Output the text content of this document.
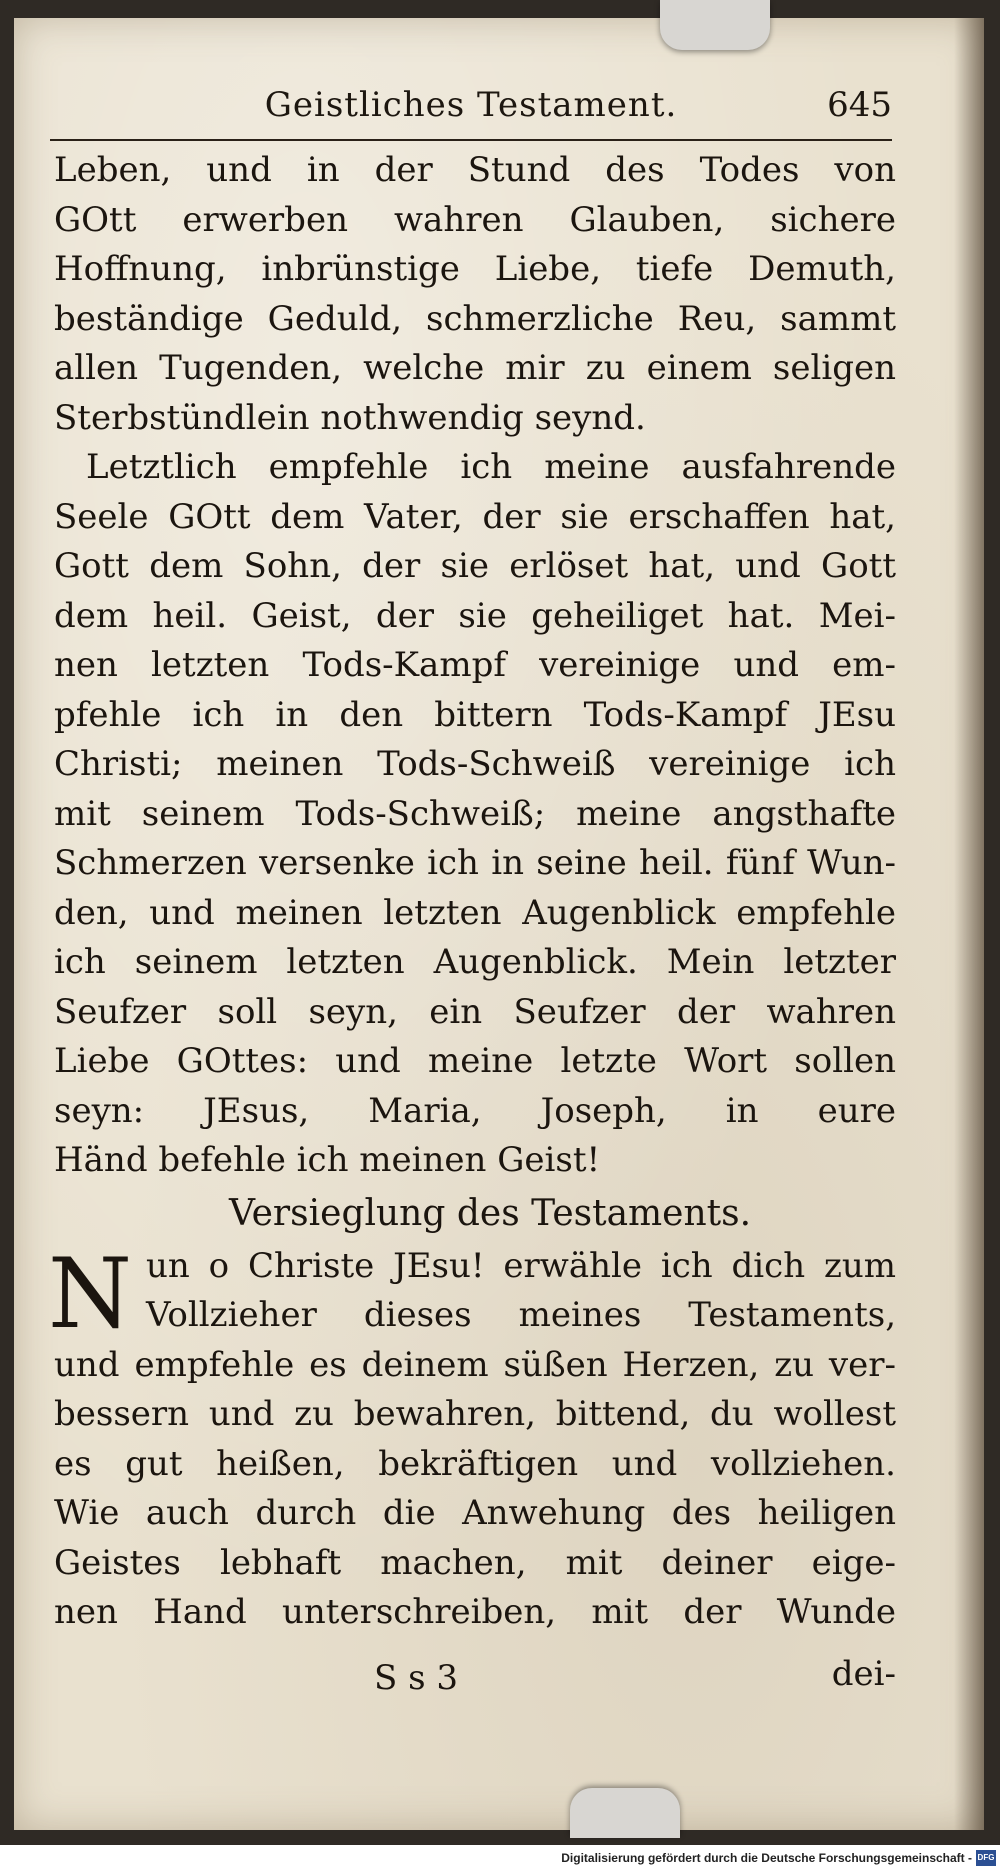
Geistliches Testament.	645
Leben, und in der Stund des Todes von
GOtt erwerben wahren Glauben, sichere
Hoffnung, inbrünstige Liebe, tiefe Demuth,
beständige Geduld, schmerzliche Reu, sammt
allen Tugenden, welche mir zu einem seligen
Sterbstündlein nothwendig seynd.
Letztlich empfehle ich meine ausfahrende
Seele GOtt dem Vater, der sie erschaffen hat,
Gott dem Sohn, der sie erlöset hat, und Gott
dem heil. Geist, der sie geheiliget hat. Mei-
nen letzten Tods-Kampf vereinige und em-
pfehle ich in den bittern Tods-Kampf JEsu
Christi; meinen Tods-Schweiß vereinige ich
mit seinem Tods-Schweiß; meine angsthafte
Schmerzen versenke ich in seine heil. fünf Wun-
den, und meinen letzten Augenblick empfehle
ich seinem letzten Augenblick. Mein letzter
Seufzer soll seyn, ein Seufzer der wahren
Liebe GOttes: und meine letzte Wort sollen
seyn: JEsus, Maria, Joseph, in eure
Händ befehle ich meinen Geist!
Versieglung des Testaments.
N un o Christe JEsu! erwähle ich dich zum
Vollzieher dieses meines Testaments,
und empfehle es deinem süßen Herzen, zu ver-
bessern und zu bewahren, bittend, du wollest
es gut heißen, bekräftigen und vollziehen.
Wie auch durch die Anwehung des heiligen
Geistes lebhaft machen, mit deiner eige-
nen Hand unterschreiben, mit der Wunde
S s 3	dei-
Digitalisierung gefördert durch die Deutsche Forschungsgemeinschaft - DFG
